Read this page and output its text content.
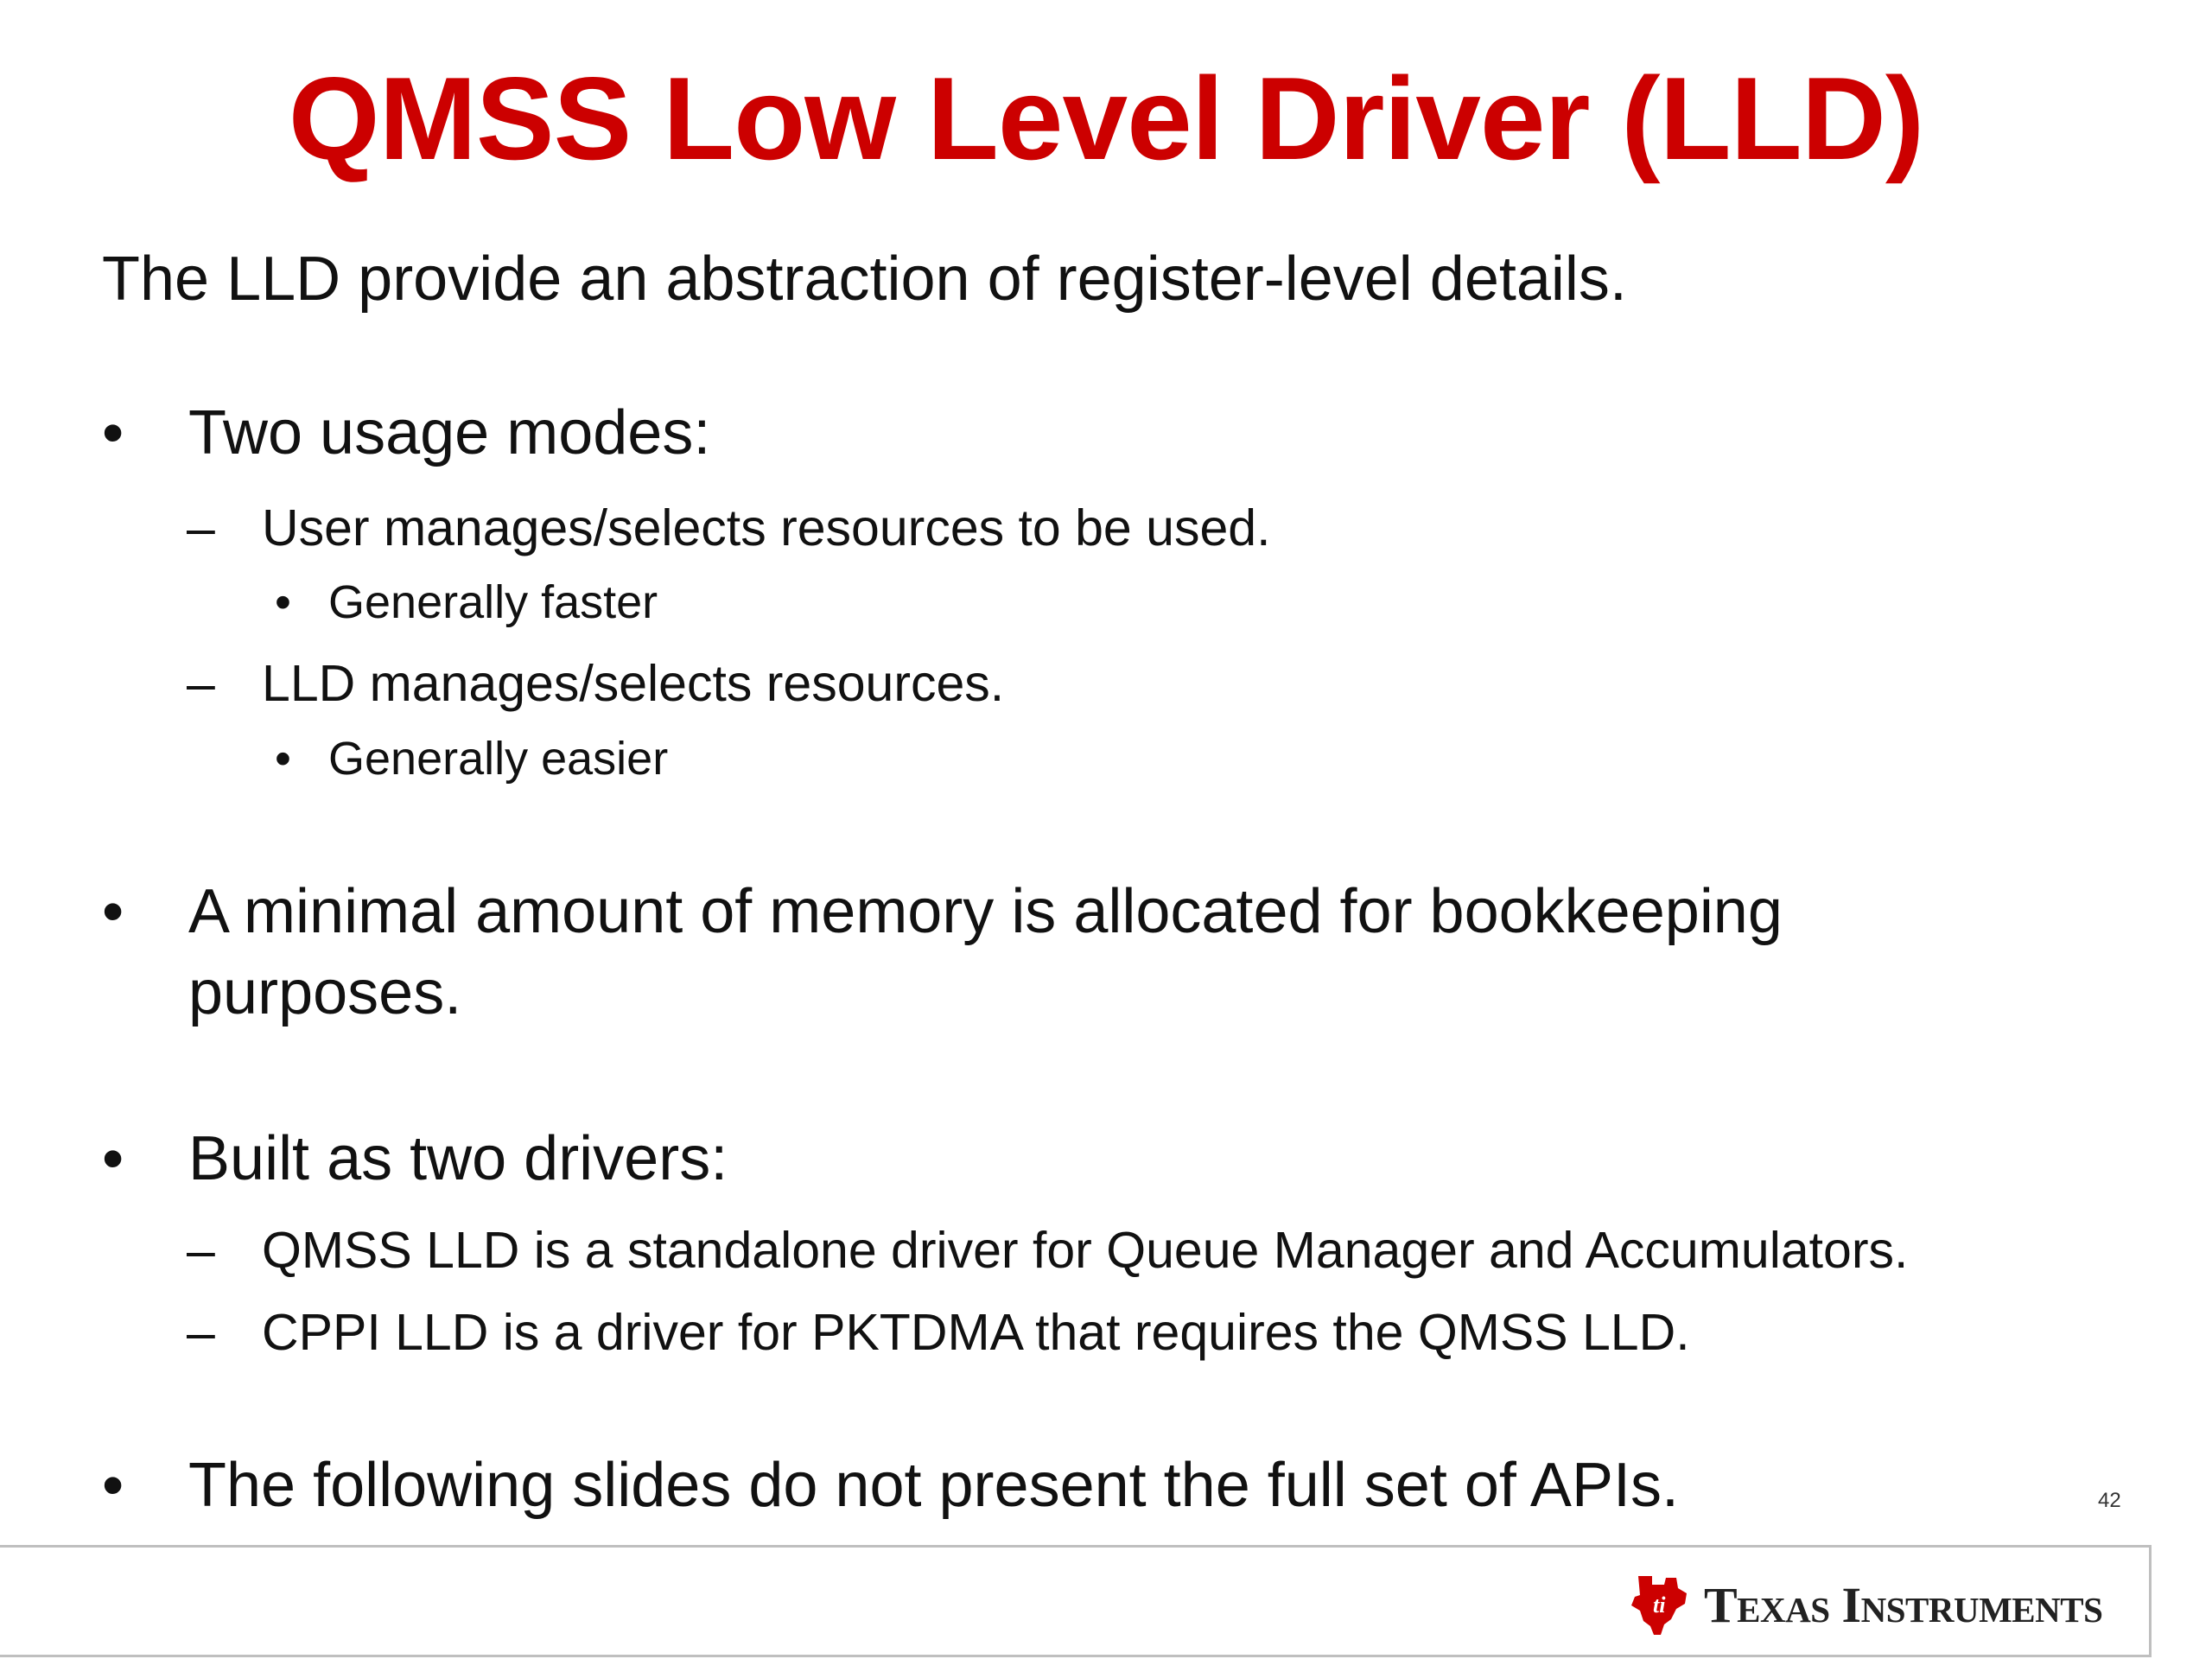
QMSS Low Level Driver (LLD)
The LLD provide an abstraction of register-level details.
• Two usage modes:
– User manages/selects resources to be used.
• Generally faster
– LLD manages/selects resources.
• Generally easier
• A minimal amount of memory is allocated for bookkeeping
purposes.
• Built as two drivers:
– QMSS LLD is a standalone driver for Queue Manager and Accumulators.
– CPPI LLD is a driver for PKTDMA that requires the QMSS LLD.
• The following slides do not present the full set of APIs.	42
ti Texas Instruments
